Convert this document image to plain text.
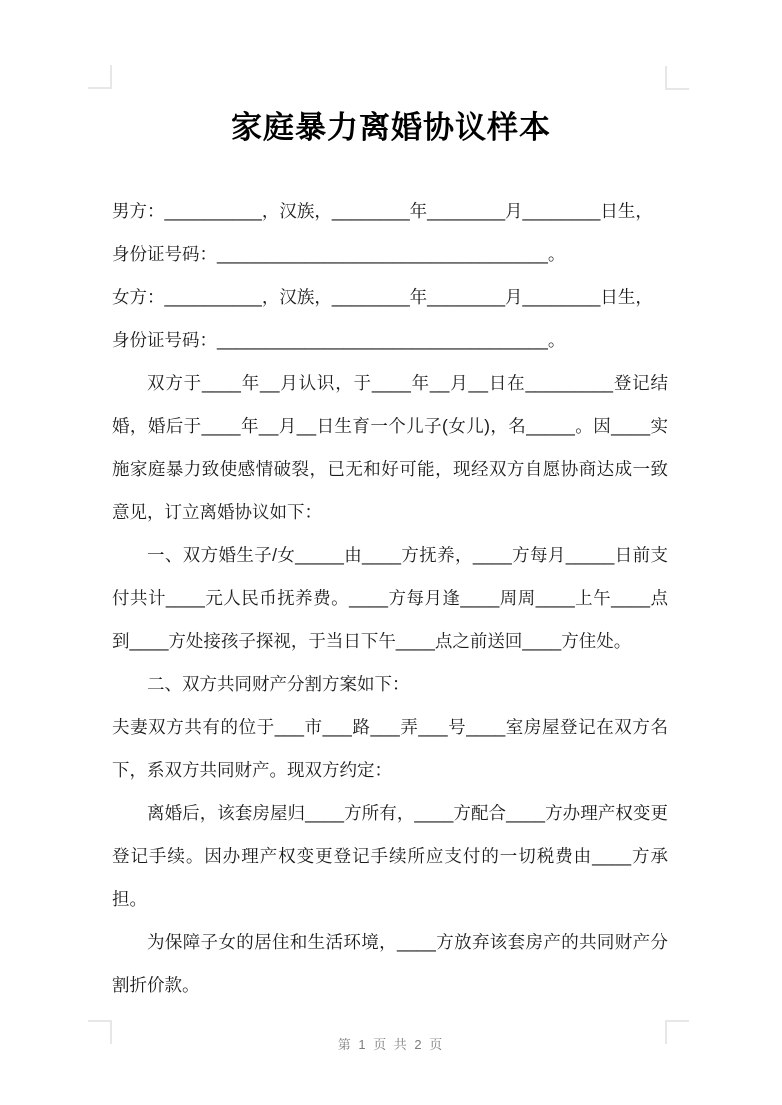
家庭暴力离婚协议样本

男方：__________，汉族，________年________月________日生，

身份证号码：__________________________________。

女方：__________，汉族，________年________月________日生，

身份证号码：__________________________________。

双方于____年__月认识，于____年__月__日在_________登记结婚，婚后于____年__月__日生育一个儿子(女儿)，名_____。因____实施家庭暴力致使感情破裂，已无和好可能，现经双方自愿协商达成一致意见，订立离婚协议如下：

一、双方婚生子/女_____由____方抚养，____方每月_____日前支付共计____元人民币抚养费。____方每月逢____周周____上午____点到____方处接孩子探视，于当日下午____点之前送回____方住处。

二、双方共同财产分割方案如下：

夫妻双方共有的位于___市___路___弄___号____室房屋登记在双方名下，系双方共同财产。现双方约定：

离婚后，该套房屋归____方所有，____方配合____方办理产权变更登记手续。因办理产权变更登记手续所应支付的一切税费由____方承担。

为保障子女的居住和生活环境，____方放弃该套房产的共同财产分割折价款。

第 1 页 共 2 页
